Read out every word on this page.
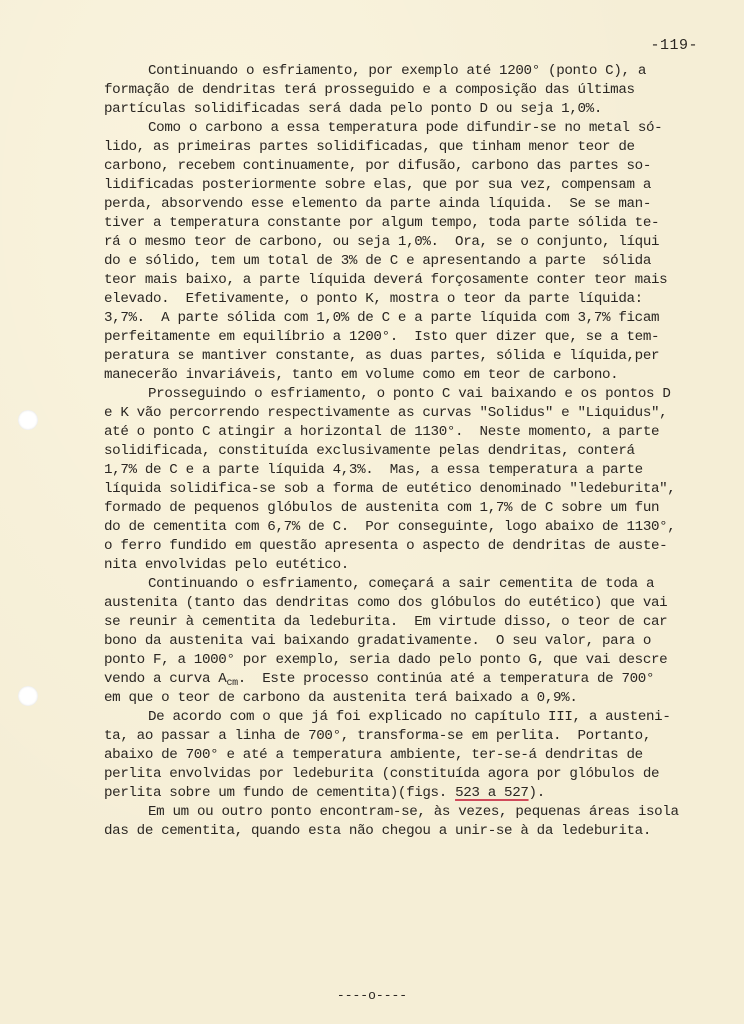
-119-
Continuando o esfriamento, por exemplo até 1200° (ponto C), a
formação de dendritas terá prosseguido e a composição das últimas
partículas solidificadas será dada pelo ponto D ou seja 1,0%.
Como o carbono a essa temperatura pode difundir-se no metal só-
lido, as primeiras partes solidificadas, que tinham menor teor de
carbono, recebem continuamente, por difusão, carbono das partes so-
lidificadas posteriormente sobre elas, que por sua vez, compensam a
perda, absorvendo esse elemento da parte ainda líquida.  Se se man-
tiver a temperatura constante por algum tempo, toda parte sólida te-
rá o mesmo teor de carbono, ou seja 1,0%.  Ora, se o conjunto, líqui
do e sólido, tem um total de 3% de C e apresentando a parte  sólida
teor mais baixo, a parte líquida deverá forçosamente conter teor mais
elevado.  Efetivamente, o ponto K, mostra o teor da parte líquida:
3,7%.  A parte sólida com 1,0% de C e a parte líquida com 3,7% ficam
perfeitamente em equilíbrio a 1200°.  Isto quer dizer que, se a tem-
peratura se mantiver constante, as duas partes, sólida e líquida,per
manecerão invariáveis, tanto em volume como em teor de carbono.
Prosseguindo o esfriamento, o ponto C vai baixando e os pontos D
e K vão percorrendo respectivamente as curvas "Solidus" e "Liquidus",
até o ponto C atingir a horizontal de 1130°.  Neste momento, a parte
solidificada, constituída exclusivamente pelas dendritas, conterá
1,7% de C e a parte líquida 4,3%.  Mas, a essa temperatura a parte
líquida solidifica-se sob a forma de eutético denominado "ledeburita",
formado de pequenos glóbulos de austenita com 1,7% de C sobre um fun
do de cementita com 6,7% de C.  Por conseguinte, logo abaixo de 1130°,
o ferro fundido em questão apresenta o aspecto de dendritas de auste-
nita envolvidas pelo eutético.
Continuando o esfriamento, começará a sair cementita de toda a
austenita (tanto das dendritas como dos glóbulos do eutético) que vai
se reunir à cementita da ledeburita.  Em virtude disso, o teor de car
bono da austenita vai baixando gradativamente.  O seu valor, para o
ponto F, a 1000° por exemplo, seria dado pelo ponto G, que vai descre
vendo a curva $A_{cm}$.  Este processo continúa até a temperatura de 700°
em que o teor de carbono da austenita terá baixado a 0,9%.
De acordo com o que já foi explicado no capítulo III, a austeni-
ta, ao passar a linha de 700°, transforma-se em perlita.  Portanto,
abaixo de 700° e até a temperatura ambiente, ter-se-á dendritas de
perlita envolvidas por ledeburita (constituída agora por glóbulos de
perlita sobre um fundo de cementita)(figs. 523 a 527).
Em um ou outro ponto encontram-se, às vezes, pequenas áreas isola
das de cementita, quando esta não chegou a unir-se à da ledeburita.
----o----
